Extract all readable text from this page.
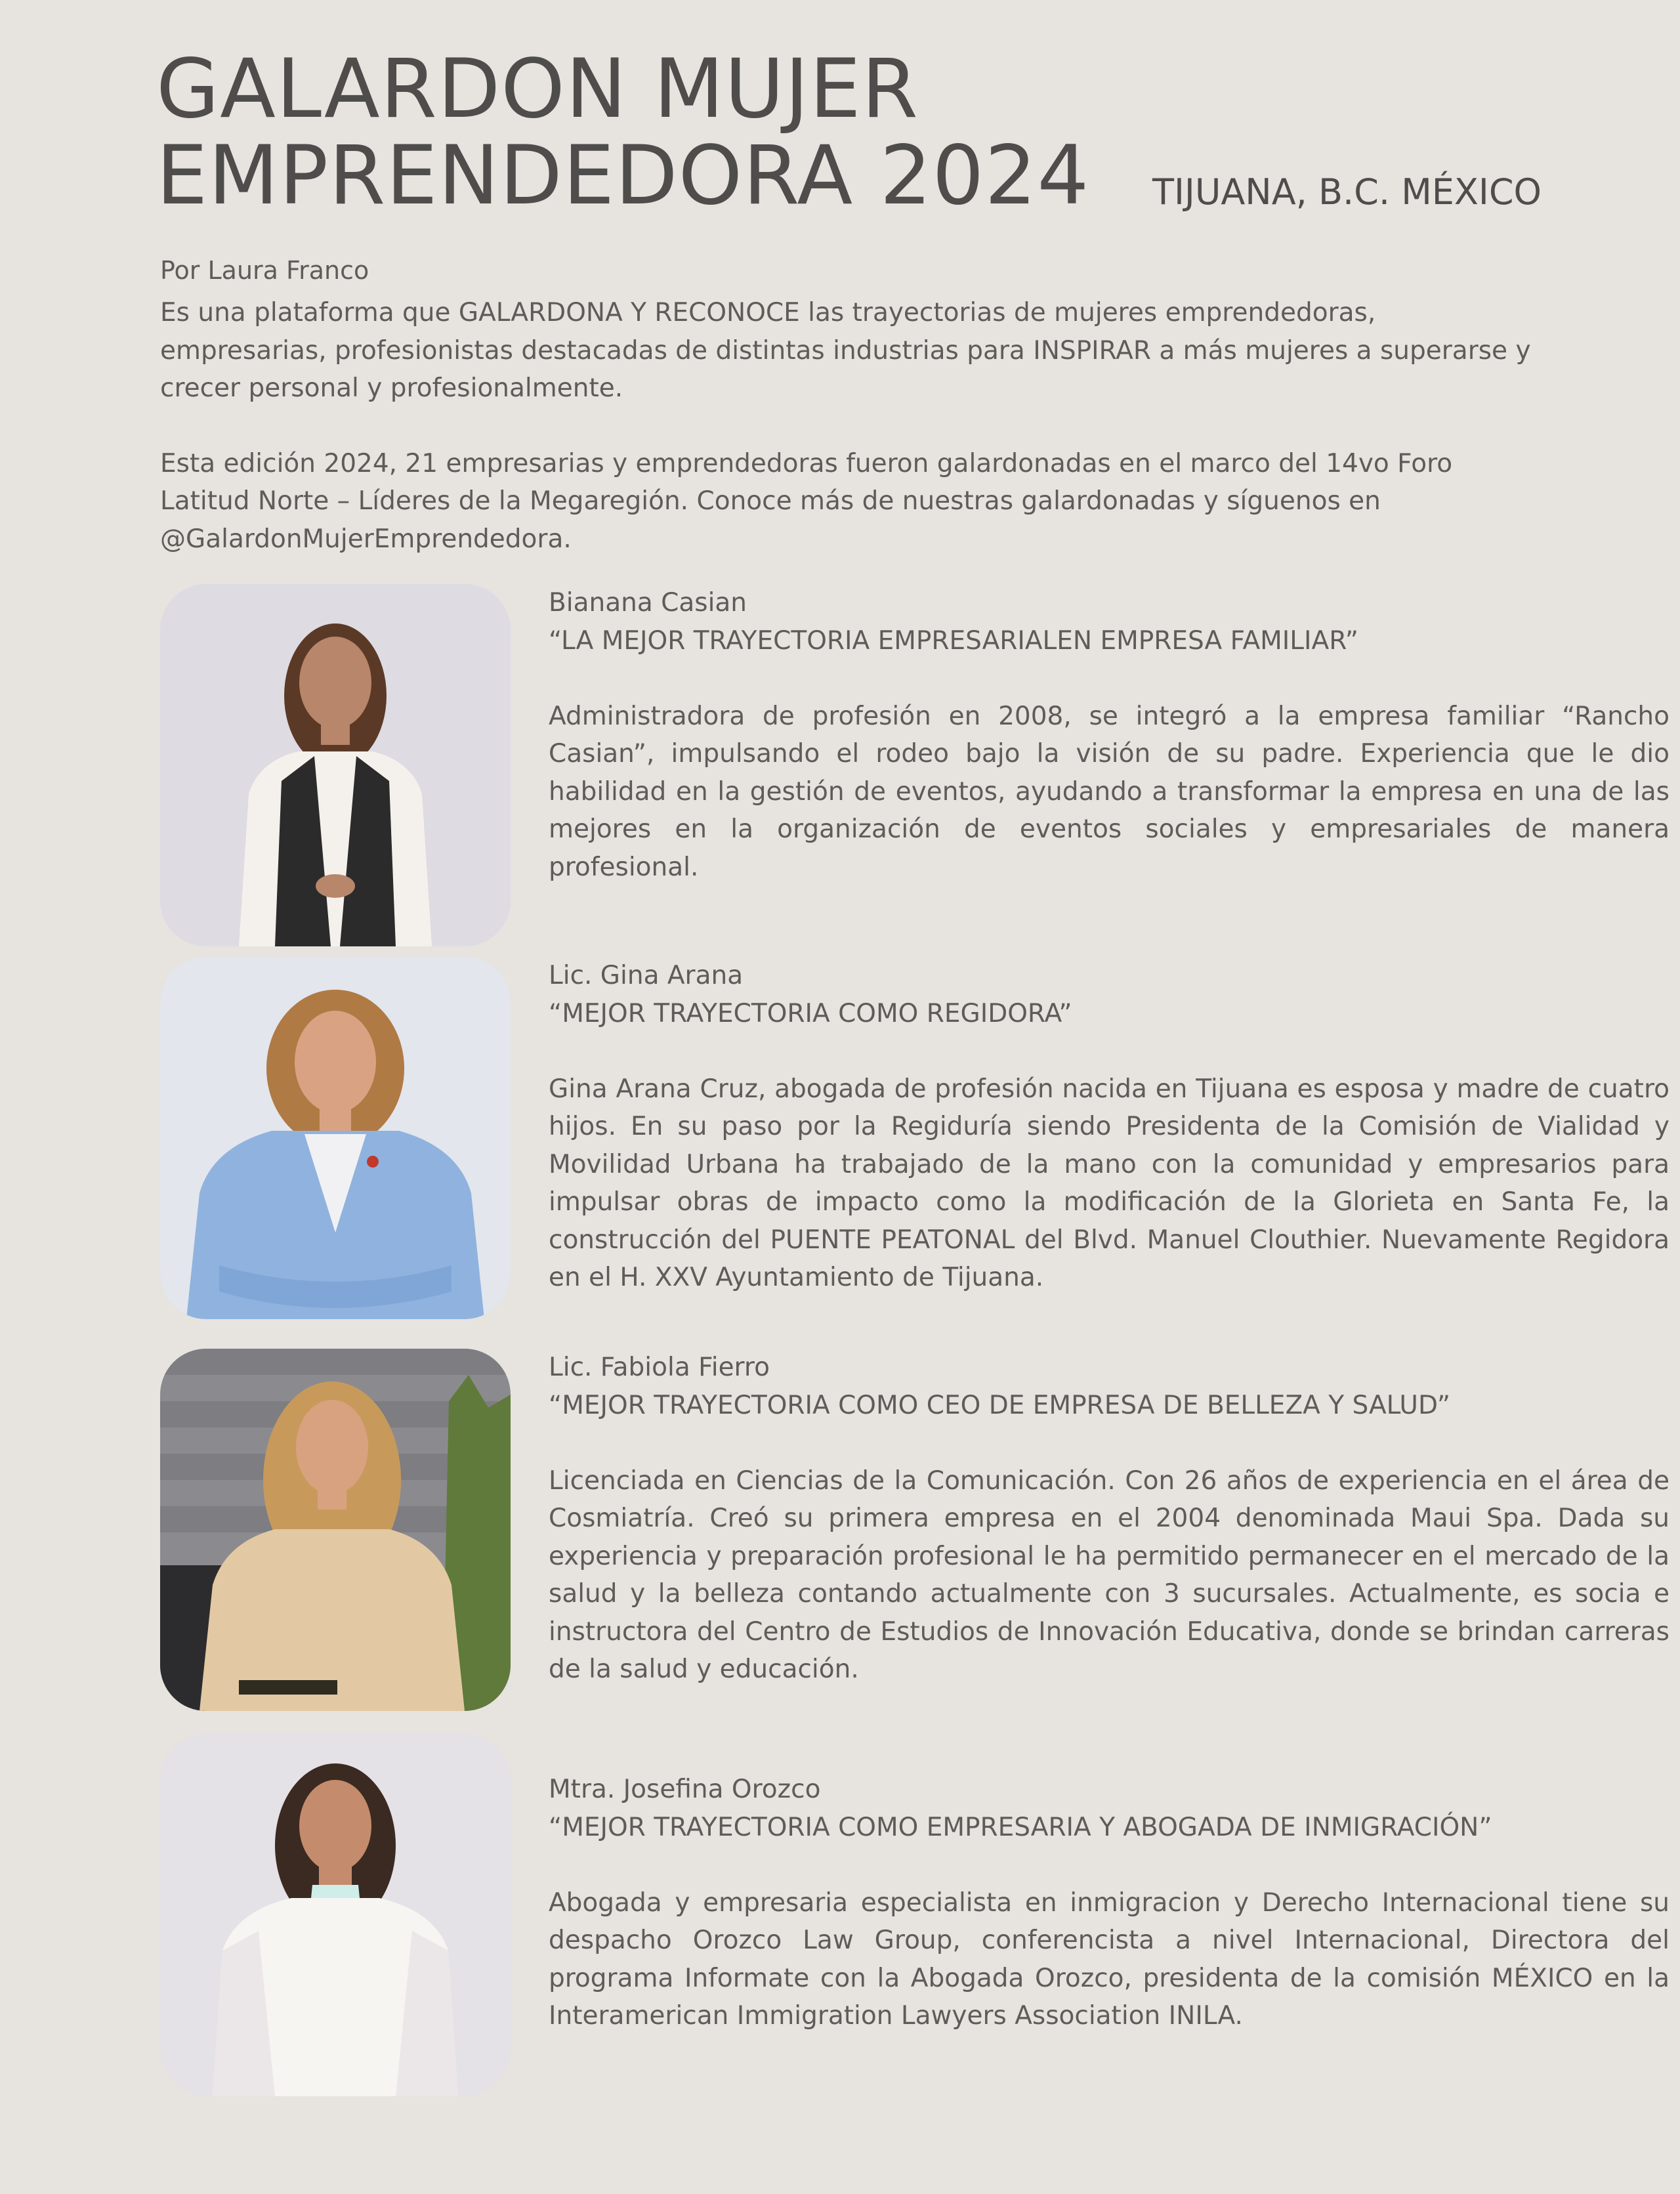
GALARDON MUJER
EMPRENDEDORA 2024 TIJUANA, B.C. MÉXICO
Por Laura Franco

Es una plataforma que GALARDONA Y RECONOCE las trayectorias de mujeres emprendedoras, empresarias, profesionistas destacadas de distintas industrias para INSPIRAR a más mujeres a superarse y crecer personal y profesionalmente.

Esta edición 2024, 21 empresarias y emprendedoras fueron galardonadas en el marco del 14vo Foro Latitud Norte – Líderes de la Megaregión. Conoce más de nuestras galardonadas y síguenos en @GalardonMujerEmprendedora.

Bianana Casian
“LA MEJOR TRAYECTORIA EMPRESARIALEN EMPRESA FAMILIAR”
Administradora de profesión en 2008, se integró a la empresa familiar “Rancho Casian”, impulsando el rodeo bajo la visión de su padre. Experiencia que le dio habilidad en la gestión de eventos, ayudando a transformar la empresa en una de las mejores en la organización de eventos sociales y empresariales de manera profesional.
Lic. Gina Arana
“MEJOR TRAYECTORIA COMO REGIDORA”
Gina Arana Cruz, abogada de profesión nacida en Tijuana es esposa y madre de cuatro hijos. En su paso por la Regiduría siendo Presidenta de la Comisión de Vialidad y Movilidad Urbana ha trabajado de la mano con la comunidad y empresarios para impulsar obras de impacto como la modificación de la Glorieta en Santa Fe, la construcción del PUENTE PEATONAL del Blvd. Manuel Clouthier. Nuevamente Regidora en el H. XXV Ayuntamiento de Tijuana.
Lic. Fabiola Fierro
“MEJOR TRAYECTORIA COMO CEO DE EMPRESA DE BELLEZA Y SALUD”
Licenciada en Ciencias de la Comunicación. Con 26 años de experiencia en el área de Cosmiatría. Creó su primera empresa en el 2004 denominada Maui Spa. Dada su experiencia y preparación profesional le ha permitido permanecer en el mercado de la salud y la belleza contando actualmente con 3 sucursales. Actualmente, es socia e instructora del Centro de Estudios de Innovación Educativa, donde se brindan carreras de la salud y educación.
Mtra. Josefina Orozco
“MEJOR TRAYECTORIA COMO EMPRESARIA Y ABOGADA DE INMIGRACIÓN”
Abogada y empresaria especialista en inmigracion y Derecho Internacional tiene su despacho Orozco Law Group, conferencista a nivel Internacional, Directora del programa Informate con la Abogada Orozco, presidenta de la comisión MÉXICO en la Interamerican Immigration Lawyers Association INILA.
